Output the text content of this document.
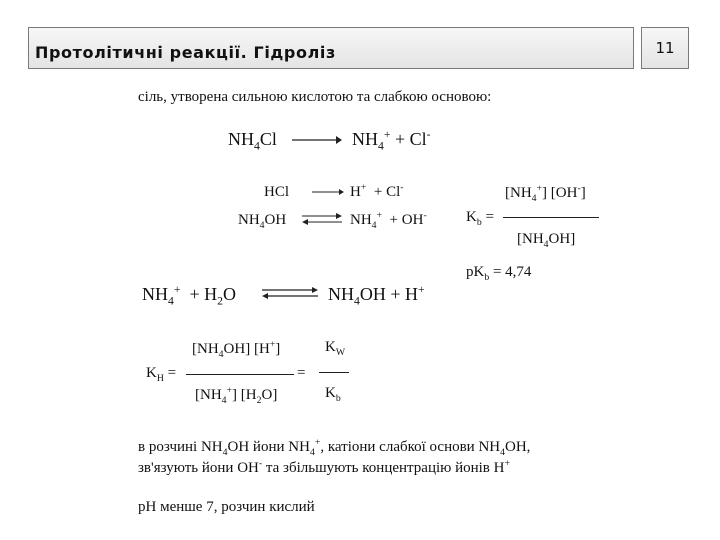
Протолітичні реакції. Гідроліз	11
сіль, утворена сильною кислотою та слабкою основою:
$NH_4Cl$	$NH_4^+ + Cl^-$
HCl	H+ + Cl-
$NH_4OH$ ⇌ $NH_4^+ + OH^-$
$[NH_4^+]$ [OH-]
$K_b$ =
$[NH_4OH]$
$pK_b = 4,74$
$NH_4^+ + H_2O$	$NH_4OH + H^+$
$[NH_4OH]$ [H+]
$K_H$ =
$[NH_4^+]$ $[H_2O]$
=
$K_W$
$K_b$
в розчині $NH_4OH$ йони $NH_4^+$, катіони слабкої основи $NH_4OH$,
зв'язують йони OH- та збільшують концентрацію йонів H+
pH менше 7, розчин кислий
